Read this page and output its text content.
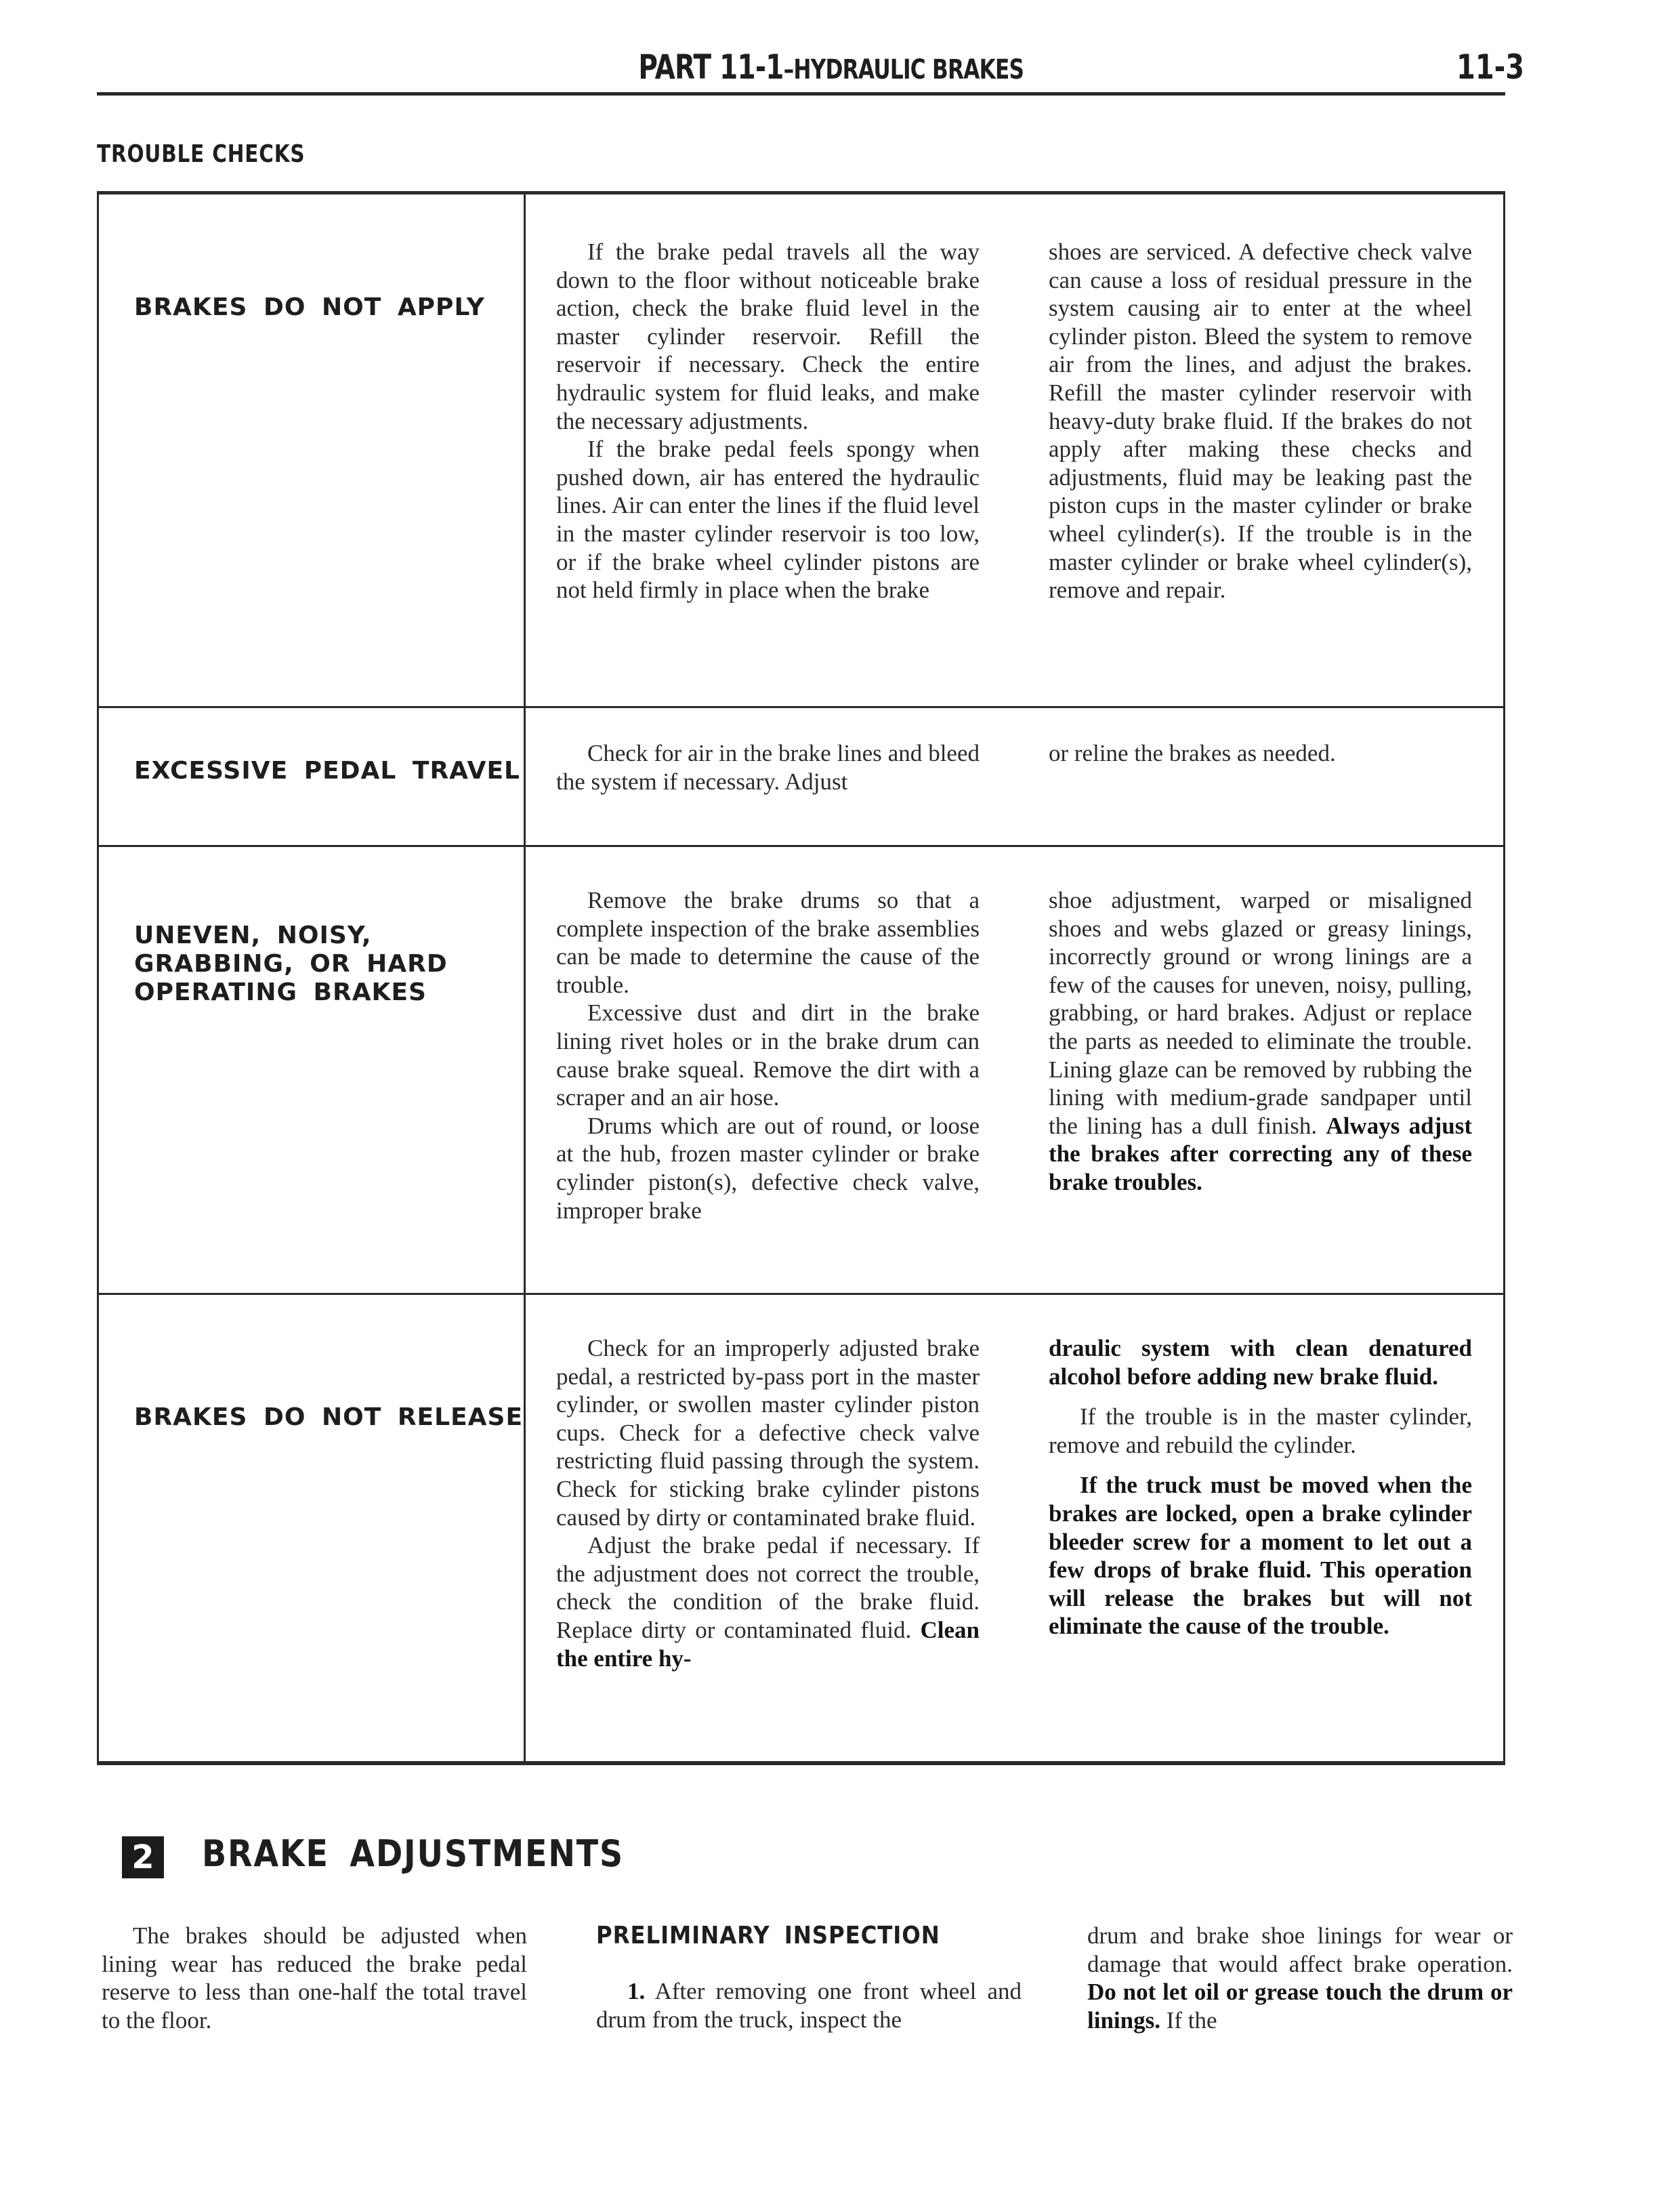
PART 11-1–HYDRAULIC BRAKES	11-3
TROUBLE CHECKS
BRAKES DO NOT APPLY

If the brake pedal travels all the way down to the floor without noticeable brake action, check the brake fluid level in the master cylinder reservoir. Refill the reservoir if necessary. Check the entire hydraulic system for fluid leaks, and make the necessary adjustments.

If the brake pedal feels spongy when pushed down, air has entered the hydraulic lines. Air can enter the lines if the fluid level in the master cylinder reservoir is too low, or if the brake wheel cylinder pistons are not held firmly in place when the brake

shoes are serviced. A defective check valve can cause a loss of residual pressure in the system causing air to enter at the wheel cylinder piston. Bleed the system to remove air from the lines, and adjust the brakes. Refill the master cylinder reservoir with heavy-duty brake fluid. If the brakes do not apply after making these checks and adjustments, fluid may be leaking past the piston cups in the master cylinder or brake wheel cylinder(s). If the trouble is in the master cylinder or brake wheel cylinder(s), remove and repair.

EXCESSIVE PEDAL TRAVEL

Check for air in the brake lines and bleed the system if necessary. Adjust

or reline the brakes as needed.

UNEVEN, NOISY,
GRABBING, OR HARD
OPERATING BRAKES

Remove the brake drums so that a complete inspection of the brake assemblies can be made to determine the cause of the trouble.

Excessive dust and dirt in the brake lining rivet holes or in the brake drum can cause brake squeal. Remove the dirt with a scraper and an air hose.

Drums which are out of round, or loose at the hub, frozen master cylinder or brake cylinder piston(s), defective check valve, improper brake

shoe adjustment, warped or misaligned shoes and webs glazed or greasy linings, incorrectly ground or wrong linings are a few of the causes for uneven, noisy, pulling, grabbing, or hard brakes. Adjust or replace the parts as needed to eliminate the trouble. Lining glaze can be removed by rubbing the lining with medium-grade sandpaper until the lining has a dull finish. Always adjust the brakes after correcting any of these brake troubles.

BRAKES DO NOT RELEASE

Check for an improperly adjusted brake pedal, a restricted by-pass port in the master cylinder, or swollen master cylinder piston cups. Check for a defective check valve restricting fluid passing through the system. Check for sticking brake cylinder pistons caused by dirty or contaminated brake fluid.

Adjust the brake pedal if necessary. If the adjustment does not correct the trouble, check the condition of the brake fluid. Replace dirty or contaminated fluid. Clean the entire hy-

draulic system with clean denatured alcohol before adding new brake fluid.

If the trouble is in the master cylinder, remove and rebuild the cylinder.

If the truck must be moved when the brakes are locked, open a brake cylinder bleeder screw for a moment to let out a few drops of brake fluid. This operation will release the brakes but will not eliminate the cause of the trouble.

2 BRAKE ADJUSTMENTS

The brakes should be adjusted when lining wear has reduced the brake pedal reserve to less than one-half the total travel to the floor.

PRELIMINARY INSPECTION

1. After removing one front wheel and drum from the truck, inspect the

drum and brake shoe linings for wear or damage that would affect brake operation. Do not let oil or grease touch the drum or linings. If the
